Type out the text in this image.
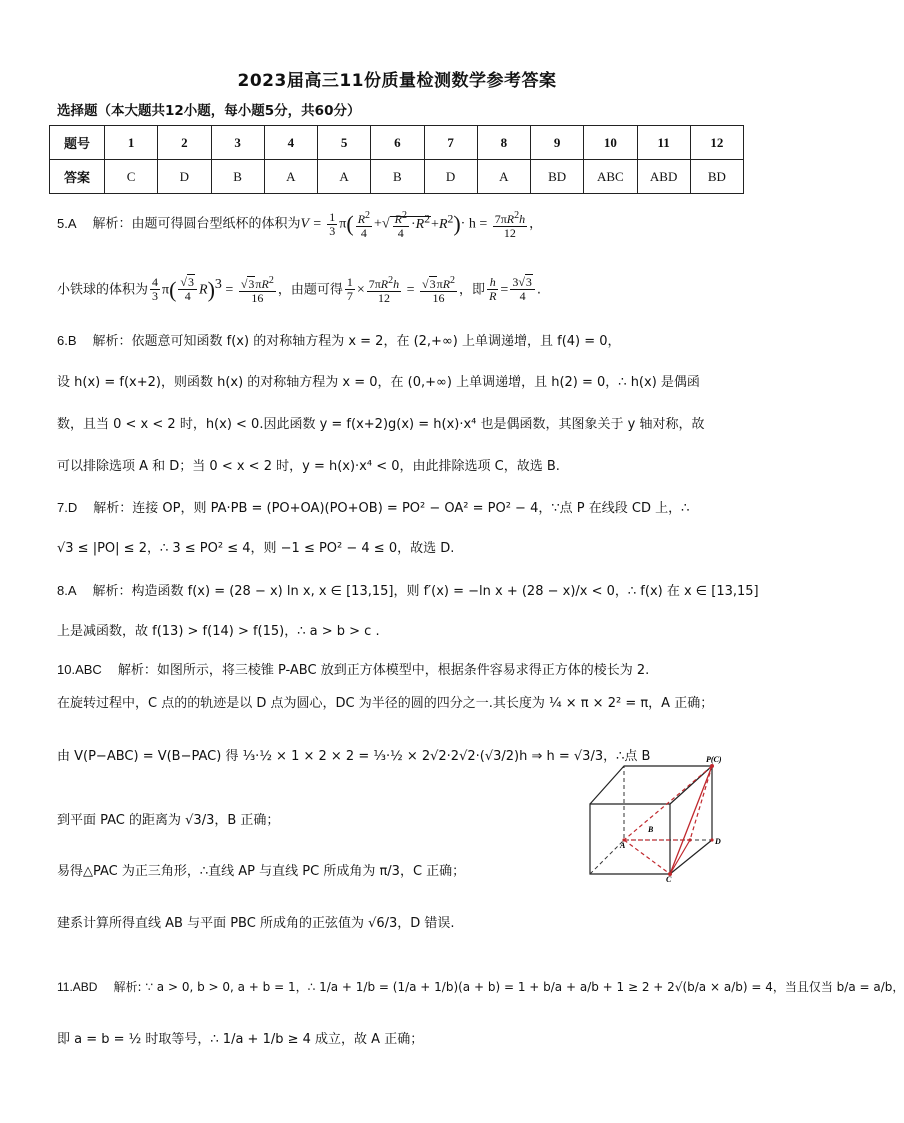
2023届高三11份质量检测数学参考答案
选择题（本大题共12小题，每小题5分，共60分）
题号	1	2	3	4	5	6	7	8	9	10	11	12
答案	C	D	B	A	A	B	D	A	BD	ABC	ABD	BD
5.A 解析：由题可得圆台型纸杯的体积为$V = \frac{1}{3} \pi( \frac{R^2}{4}$ +√ $\frac{R^2}{4} \cdot R^2+R^2)\cdot h = \frac{7\pi R^2h}{12}$ ，
小铁球的体积为 $\frac{4}{3} \pi( \frac{√3}{4} R)^3 = \frac{√3\pi R^2}{16}$ ，由题可得 $\frac{1}{7} \times \frac{7\pi R^2h}{12} = \frac{√3\pi R^2}{16}$ ，即 $\frac{h}{R} = \frac{3√3}{4}$ .
6.B 解析：依题意可知函数 f(x) 的对称轴方程为 x = 2，在 (2,+∞) 上单调递增，且 f(4) = 0，
设 h(x) = f(x+2)，则函数 h(x) 的对称轴方程为 x = 0，在 (0,+∞) 上单调递增，且 h(2) = 0，∴ h(x) 是偶函
数，且当 0 < x < 2 时，h(x) < 0.因此函数 y = f(x+2)g(x) = h(x)·x⁴ 也是偶函数，其图象关于 y 轴对称，故
可以排除选项 A 和 D；当 0 < x < 2 时，y = h(x)·x⁴ < 0，由此排除选项 C，故选 B.
7.D 解析：连接 OP，则 PA·PB = (PO+OA)(PO+OB) = PO² − OA² = PO² − 4，∵点 P 在线段 CD 上，∴
√3 ≤ |PO| ≤ 2，∴ 3 ≤ PO² ≤ 4，则 −1 ≤ PO² − 4 ≤ 0，故选 D.
8.A 解析：构造函数 f(x) = (28 − x) ln x, x ∈ [13,15]，则 f′(x) = −ln x + (28 − x)/x < 0，∴ f(x) 在 x ∈ [13,15]
上是减函数，故 f(13) > f(14) > f(15)，∴ a > b > c .
10.ABC 解析：如图所示，将三棱锥 P-ABC 放到正方体模型中，根据条件容易求得正方体的棱长为 2.
在旋转过程中，C 点的的轨迹是以 D 点为圆心，DC 为半径的圆的四分之一.其长度为 ¼ × π × 2² = π，A 正确；
由 V(P−ABC) = V(B−PAC) 得 ⅓·½ × 1 × 2 × 2 = ⅓·½ × 2√2·2√2·(√3/2)h ⇒ h = √3/3，∴点 B
到平面 PAC 的距离为 √3/3，B 正确；
易得△PAC 为正三角形，∴直线 AP 与直线 PC 所成角为 π/3，C 正确；
建系计算所得直线 AB 与平面 PBC 所成角的正弦值为 √6/3，D 错误.
P(C)
B
A	D
C
11.ABD 解析: ∵ a > 0, b > 0, a + b = 1，∴ 1/a + 1/b = (1/a + 1/b)(a + b) = 1 + b/a + a/b + 1 ≥ 2 + 2√(b/a × a/b) = 4，当且仅当 b/a = a/b，
即 a = b = ½ 时取等号，∴ 1/a + 1/b ≥ 4 成立，故 A 正确；
